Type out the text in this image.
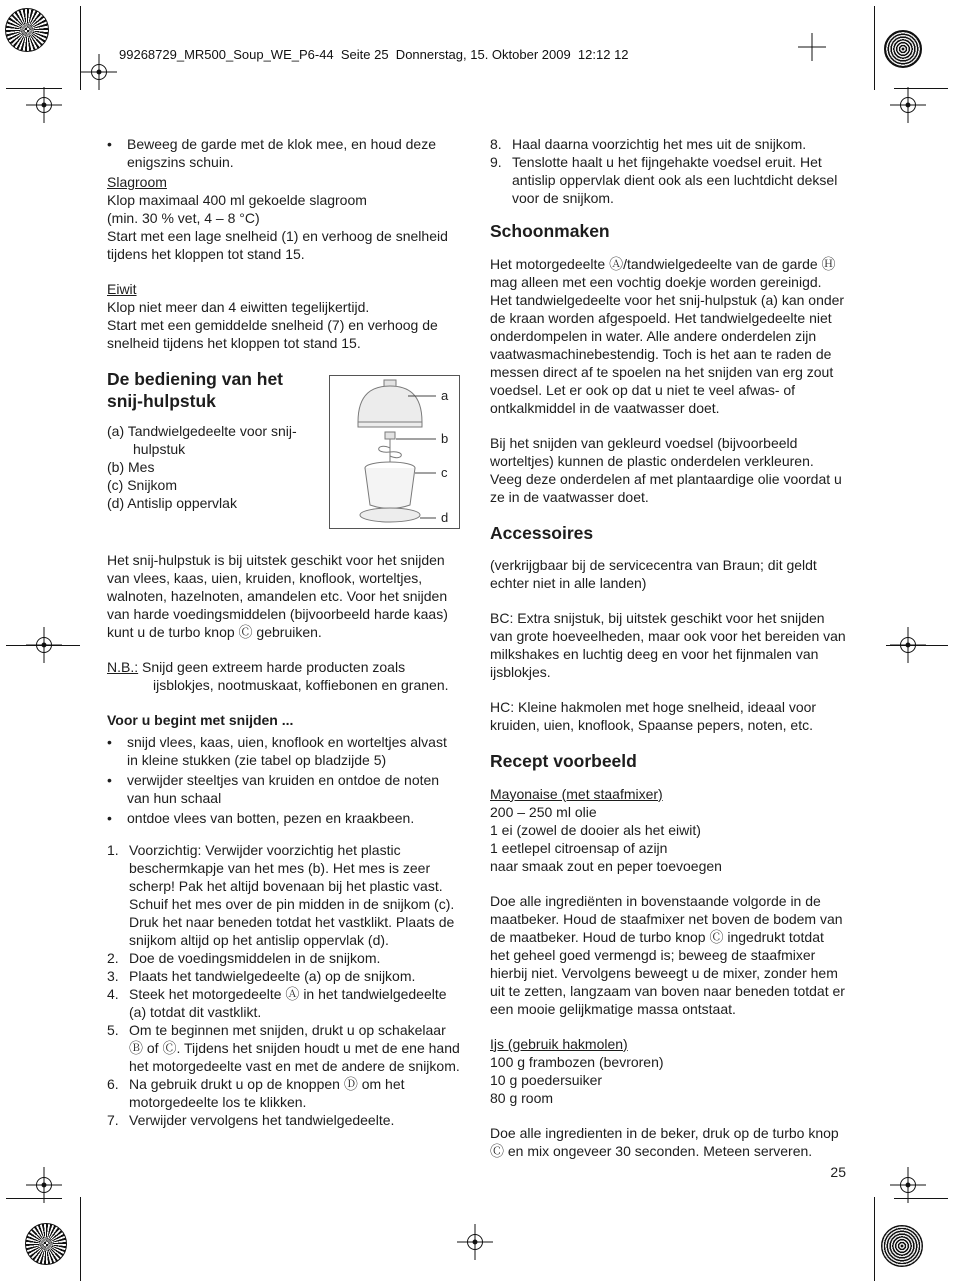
99268729_MR500_Soup_WE_P6-44  Seite 25  Donnerstag, 15. Oktober 2009  12:12 12
•	Beweeg de garde met de klok mee, en houd deze enigszins schuin.
Slagroom
Klop maximaal 400 ml gekoelde slagroom
(min. 30 % vet, 4 – 8 °C)
Start met een lage snelheid (1) en verhoog de snelheid tijdens het kloppen tot stand 15.
Eiwit
Klop niet meer dan 4 eiwitten tegelijkertijd.
Start met een gemiddelde snelheid (7) en verhoog de snelheid tijdens het kloppen tot stand 15.
De bediening van het snij-hulpstuk
(a) Tandwielgedeelte voor snij-hulpstuk
(b) Mes
(c) Snijkom
(d) Antislip oppervlak
a
b
c
d
Het snij-hulpstuk is bij uitstek geschikt voor het snijden van vlees, kaas, uien, kruiden, knoflook, worteltjes, walnoten, hazelnoten, amandelen etc. Voor het snijden van harde voedingsmiddelen (bijvoorbeeld harde kaas) kunt u de turbo knop Ⓒ gebruiken.
N.B.: Snijd geen extreem harde producten zoals ijsblokjes, nootmuskaat, koffiebonen en granen.
Voor u begint met snijden ...
•	snijd vlees, kaas, uien, knoflook en worteltjes alvast in kleine stukken (zie tabel op bladzijde 5)
•	verwijder steeltjes van kruiden en ontdoe de noten van hun schaal
•	ontdoe vlees van botten, pezen en kraakbeen.
1. Voorzichtig: Verwijder voorzichtig het plastic beschermkapje van het mes (b). Het mes is zeer scherp! Pak het altijd bovenaan bij het plastic vast. Schuif het mes over de pin midden in de snijkom (c). Druk het naar beneden totdat het vastklikt. Plaats de snijkom altijd op het antislip oppervlak (d).
2. Doe de voedingsmiddelen in de snijkom.
3. Plaats het tandwielgedeelte (a) op de snijkom.
4. Steek het motorgedeelte Ⓐ in het tandwielgedeelte (a) totdat dit vastklikt.
5. Om te beginnen met snijden, drukt u op schakelaar Ⓑ of Ⓒ. Tijdens het snijden houdt u met de ene hand het motorgedeelte vast en met de andere de snijkom.
6. Na gebruik drukt u op de knoppen Ⓓ om het motorgedeelte los te klikken.
7. Verwijder vervolgens het tandwielgedeelte.
8. Haal daarna voorzichtig het mes uit de snijkom.
9. Tenslotte haalt u het fijngehakte voedsel eruit. Het antislip oppervlak dient ook als een luchtdicht deksel voor de snijkom.
Schoonmaken
Het motorgedeelte Ⓐ/tandwielgedeelte van de garde Ⓗ mag alleen met een vochtig doekje worden gereinigd.
Het tandwielgedeelte voor het snij-hulpstuk (a) kan onder de kraan worden afgespoeld. Het tandwielgedeelte niet onderdompelen in water. Alle andere onderdelen zijn vaatwasmachinebestendig. Toch is het aan te raden de messen direct af te spoelen na het snijden van erg zout voedsel. Let er ook op dat u niet te veel afwas- of ontkalkmiddel in de vaatwasser doet.
Bij het snijden van gekleurd voedsel (bijvoorbeeld worteltjes) kunnen de plastic onderdelen verkleuren. Veeg deze onderdelen af met plantaardige olie voordat u ze in de vaatwasser doet.
Accessoires
(verkrijgbaar bij de servicecentra van Braun; dit geldt echter niet in alle landen)
BC: Extra snijstuk, bij uitstek geschikt voor het snijden van grote hoeveelheden, maar ook voor het bereiden van milkshakes en luchtig deeg en voor het fijnmalen van ijsblokjes.
HC: Kleine hakmolen met hoge snelheid, ideaal voor kruiden, uien, knoflook, Spaanse pepers, noten, etc.
Recept voorbeeld
Mayonaise (met staafmixer)
200 – 250 ml olie
1 ei (zowel de dooier als het eiwit)
1 eetlepel citroensap of azijn
naar smaak zout en peper toevoegen
Doe alle ingrediënten in bovenstaande volgorde in de maatbeker. Houd de staafmixer net boven de bodem van de maatbeker. Houd de turbo knop Ⓒ ingedrukt totdat het geheel goed vermengd is; beweeg de staafmixer hierbij niet. Vervolgens beweegt u de mixer, zonder hem uit te zetten, langzaam van boven naar beneden totdat er een mooie gelijkmatige massa ontstaat.
Ijs (gebruik hakmolen)
100 g frambozen (bevroren)
10 g poedersuiker
80 g room
Doe alle ingredienten in de beker, druk op de turbo knop Ⓒ en mix ongeveer 30 seconden. Meteen serveren.
25
